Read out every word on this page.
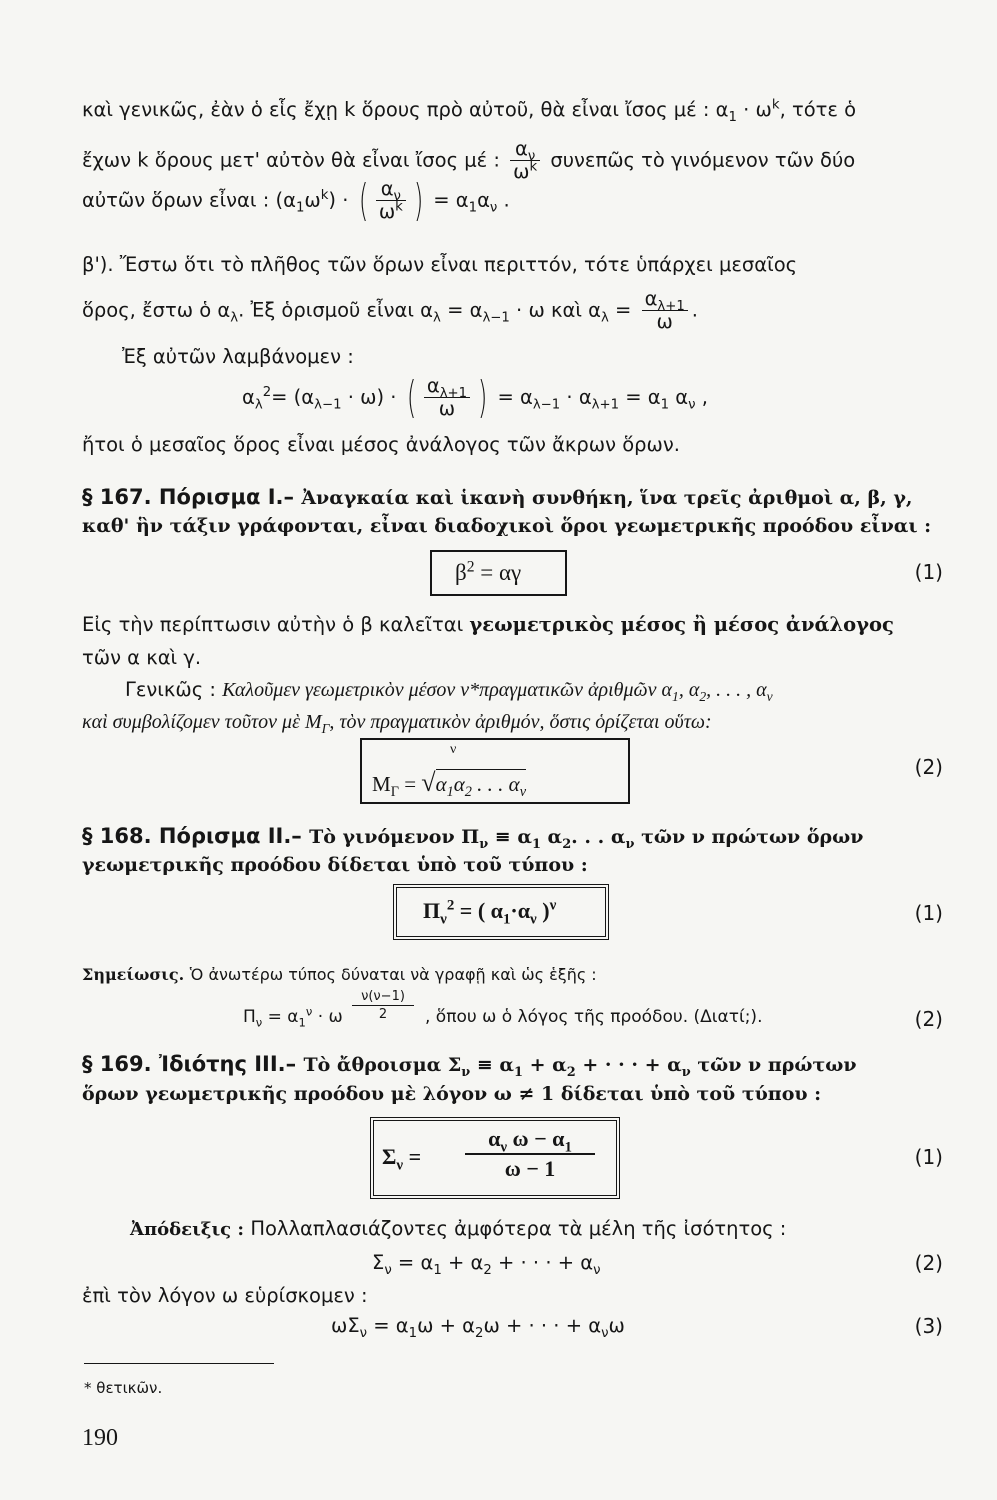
καὶ γενικῶς, ἐὰν ὁ εἷς ἔχῃ k ὅρους πρὸ αὐτοῦ, θὰ εἶναι ἴσος μέ : $\alpha_1 \cdot \omega^k$, τότε ὁ
ἔχων k ὅρους μετ' αὐτὸν θὰ εἶναι ἴσος μέ : $\frac{\alpha_\nu}{\omega^k}$ συνεπῶς τὸ γινόμενον τῶν δύο
αὐτῶν ὅρων εἶναι : $(\alpha_1\omega^k)$ · ( $\frac{\alpha_\nu}{\omega^k}$ ) = $\alpha_1\alpha_\nu$ .
β'). Ἔστω ὅτι τὸ πλῆθος τῶν ὅρων εἶναι περιττόν, τότε ὑπάρχει μεσαῖος
ὅρος, ἔστω ὁ $\alpha_\lambda$. Ἐξ ὁρισμοῦ εἶναι $\alpha_\lambda = \alpha_{\lambda-1} \cdot \omega$ καὶ $\alpha_\lambda = \frac{\alpha_{\lambda+1}}{\omega}$ .
Ἐξ αὐτῶν λαμβάνομεν :
$\alpha_\lambda^2= (\alpha_{\lambda-1} \cdot \omega)$ · ( $\frac{\alpha_{\lambda+1}}{\omega}$ ) = $\alpha_{\lambda-1} \cdot \alpha_{\lambda+1} = \alpha_1$ $\alpha_\nu$ ,
ἤτοι ὁ μεσαῖος ὅρος εἶναι μέσος ἀνάλογος τῶν ἄκρων ὅρων.
§ 167. Πόρισμα I.– Ἀναγκαία καὶ ἱκανὴ συνθήκη, ἵνα τρεῖς ἀριθμοὶ α, β, γ,
καθ' ἣν τάξιν γράφονται, εἶναι διαδοχικοὶ ὅροι γεωμετρικῆς προόδου εἶναι :
$\beta^2 = \alpha\gamma$	(1)
Εἰς τὴν περίπτωσιν αὐτὴν ὁ β καλεῖται γεωμετρικὸς μέσος ἢ μέσος ἀνάλογος
τῶν α καὶ γ.
Γενικῶς : Καλοῦμεν γεωμετρικὸν μέσον ν*πραγματικῶν ἀριθμῶν $\alpha_1$, $\alpha_2$, . . . , $\alpha_\nu$
καὶ συμβολίζομεν τοῦτον μὲ $M_\Gamma$, τὸν πραγματικὸν ἀριθμόν, ὅστις ὁρίζεται οὕτω:
ν
$M_\Gamma = √\alpha_1\alpha_2$ . . . $\alpha_\nu$
(2)
§ 168. Πόρισμα II.– Τὸ γινόμενον $\Pi_\nu \equiv \alpha_1$ $\alpha_2$. . . $\alpha_\nu$ τῶν ν πρώτων ὅρων
γεωμετρικῆς προόδου δίδεται ὑπὸ τοῦ τύπου :
$\Pi_\nu^2$ = ( $\alpha_1\cdot\alpha_\nu$ )$^\nu$	(1)
Σημείωσις. Ὁ ἀνωτέρω τύπος δύναται νὰ γραφῇ καὶ ὡς ἑξῆς :
$\Pi_\nu = \alpha_1^\nu \cdot \omega \frac{\nu(\nu-1)}{2}$ , ὅπου ω ὁ λόγος τῆς προόδου. (Διατί;).	(2)
§ 169. Ἰδιότης III.– Τὸ ἄθροισμα $\Sigma_\nu \equiv \alpha_1 + \alpha_2$ + · · · + $\alpha_\nu$ τῶν ν πρώτων
ὅρων γεωμετρικῆς προόδου μὲ λόγον ω ≠ 1 δίδεται ὑπὸ τοῦ τύπου :
$\Sigma_\nu = \frac{\alpha_\nu \omega - \alpha_1}{\omega - 1}$	(1)
Ἀπόδειξις : Πολλαπλασιάζοντες ἀμφότερα τὰ μέλη τῆς ἰσότητος :
$\Sigma_\nu = \alpha_1 + \alpha_2$ + · · · + $\alpha_\nu$	(2)
ἐπὶ τὸν λόγον ω εὑρίσκομεν :
$\omega\Sigma_\nu = \alpha_1\omega + \alpha_2\omega$ + · · · + $\alpha_\nu\omega$	(3)
* θετικῶν.
190
